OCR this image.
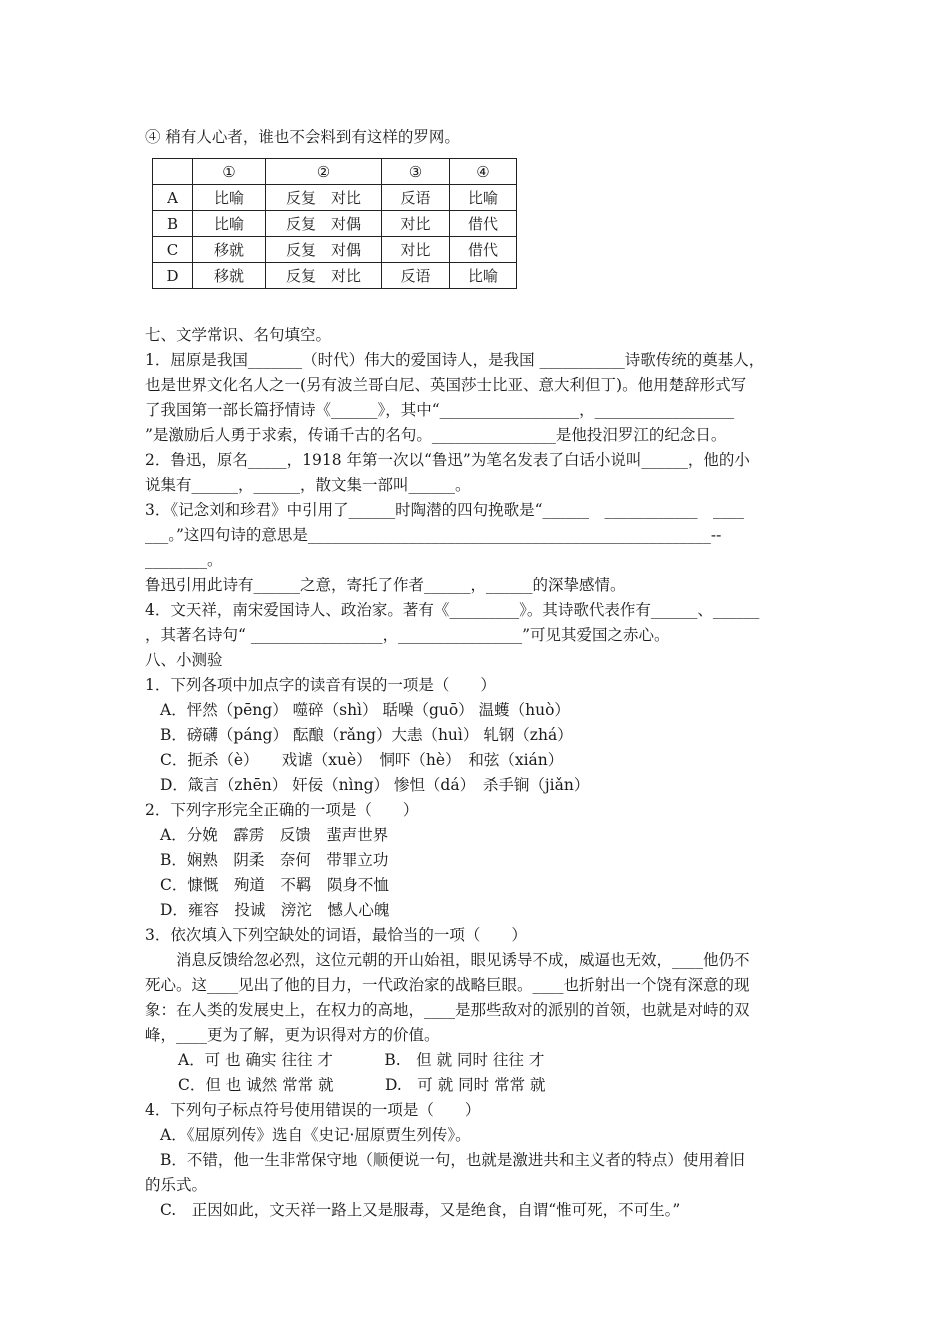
④ 稍有人心者，谁也不会料到有这样的罗网。
	①	②	③	④
A	比喻	反复　对比	反语	比喻
B	比喻	反复　对偶	对比	借代
C	移就	反复　对偶	对比	借代
D	移就	反复　对比	反语	比喻
七、文学常识、名句填空。
1．屈原是我国_______（时代）伟大的爱国诗人，是我国 ___________诗歌传统的奠基人，
也是世界文化名人之一(另有波兰哥白尼、英国莎士比亚、意大利但丁)。他用楚辞形式写
了我国第一部长篇抒情诗《______》，其中“__________________，__________________
”是激励后人勇于求索，传诵千古的名句。________________是他投汨罗江的纪念日。
2．鲁迅，原名_____，1918 年第一次以“鲁迅”为笔名发表了白话小说叫______，他的小
说集有______，______，散文集一部叫______。
3．《记念刘和珍君》中引用了______时陶潜的四句挽歌是“______　____________　____
___。”这四句诗的意思是____________________________________________________--
________。
鲁迅引用此诗有______之意，寄托了作者______，______的深挚感情。
4．文天祥，南宋爱国诗人、政治家。著有《_________》。其诗歌代表作有______、______
，其著名诗句“ _________________，________________”可见其爱国之赤心。
八、小测验
1．下列各项中加点字的读音有误的一项是（　　）
A．怦然（pēng） 噬碎（shì） 聒噪（guō） 温蠖（huò）
B．磅礴（páng） 酝酿（rǎng）大恚（huì） 轧钢（zhá）
C．扼杀（è）　　戏谑（xuè）　恫吓（hè）　和弦（xián）
D．箴言（zhēn） 奸佞（nìng） 惨怛（dá）　杀手锏（jiǎn）
2．下列字形完全正确的一项是（　　）
A．分娩　霹雳　反馈　蜚声世界
B．娴熟　阴柔　奈何　带罪立功
C．慷慨　殉道　不羁　陨身不恤
D．雍容　投诚　滂沱　憾人心魄
3．依次填入下列空缺处的词语，最恰当的一项（　　）
　　消息反馈给忽必烈，这位元朝的开山始祖，眼见诱导不成，威逼也无效，____他仍不
死心。这____见出了他的目力，一代政治家的战略巨眼。____也折射出一个饶有深意的现
象：在人类的发展史上，在权力的高地，____是那些敌对的派别的首领，也就是对峙的双
峰，____更为了解，更为识得对方的价值。
A．可 也 确实 往往 才　　　 B.　但 就 同时 往往 才
C．但 也 诚然 常常 就　　　 D.　可 就 同时 常常 就
4．下列句子标点符号使用错误的一项是（　　）
A．《屈原列传》选自《史记·屈原贾生列传》。
B．不错，他一生非常保守地（顺便说一句，也就是激进共和主义者的特点）使用着旧
的乐式。
C.　正因如此，文天祥一路上又是服毒，又是绝食，自谓“惟可死，不可生。”
